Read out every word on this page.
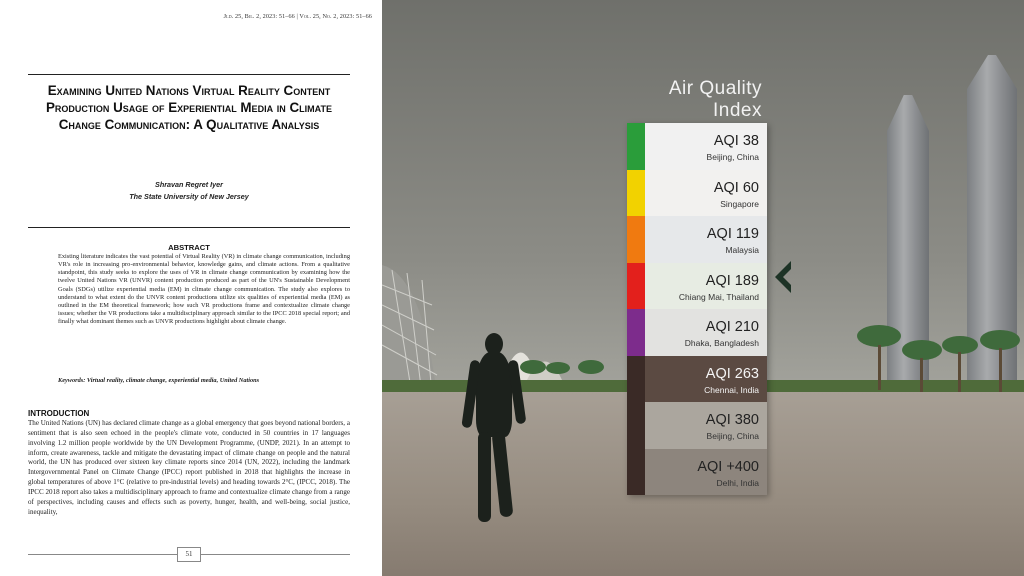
Jld. 25, Bil. 2, 2023: 51–66 | Vol. 25, No. 2, 2023: 51–66
Examining United Nations Virtual Reality Content Production Usage of Experiential Media in Climate Change Communication: A Qualitative Analysis
Shravan Regret Iyer
The State University of New Jersey
ABSTRACT

Existing literature indicates the vast potential of Virtual Reality (VR) in climate change communication, including VR's role in increasing pro-environmental behavior, knowledge gains, and climate actions. From a qualitative standpoint, this study seeks to explore the uses of VR in climate change communication by examining how the twelve United Nations VR (UNVR) content production produced as part of the UN's Sustainable Development Goals (SDGs) utilize experiential media (EM) in climate change communication. The study also explores to understand to what extent do the UNVR content productions utilize six qualities of experiential media (EM) as outlined in the EM theoretical framework; how such VR productions frame and contextualize climate change issues; whether the VR productions take a multidisciplinary approach similar to the IPCC 2018 special report; and finally what dominant themes such as UNVR productions highlight about climate change.

Keywords: Virtual reality, climate change, experiential media, United Nations
INTRODUCTION

The United Nations (UN) has declared climate change as a global emergency that goes beyond national borders, a sentiment that is also seen echoed in the people's climate vote, conducted in 50 countries in 17 languages involving 1.2 million people worldwide by the UN Development Programme, (UNDP, 2021). In an attempt to inform, create awareness, tackle and mitigate the devastating impact of climate change on people and the natural world, the UN has produced over sixteen key climate reports since 2014 (UN, 2022), including the landmark Intergovernmental Panel on Climate Change (IPCC) report published in 2018 that highlights the increase in global temperatures of above 1°C (relative to pre-industrial levels) and heading towards 2°C, (IPCC, 2018). The IPCC 2018 report also takes a multidisciplinary approach to frame and contextualize climate change from a range of perspectives, including causes and effects such as poverty, hunger, health, and well-being, social justice, inequality,

51
Air Quality Index
AQI 38
Beijing, China
AQI 60
Singapore
AQI 119
Malaysia
AQI 189
Chiang Mai, Thailand
AQI 210
Dhaka, Bangladesh
AQI 263
Chennai, India
AQI 380
Beijing, China
AQI +400
Delhi, India
